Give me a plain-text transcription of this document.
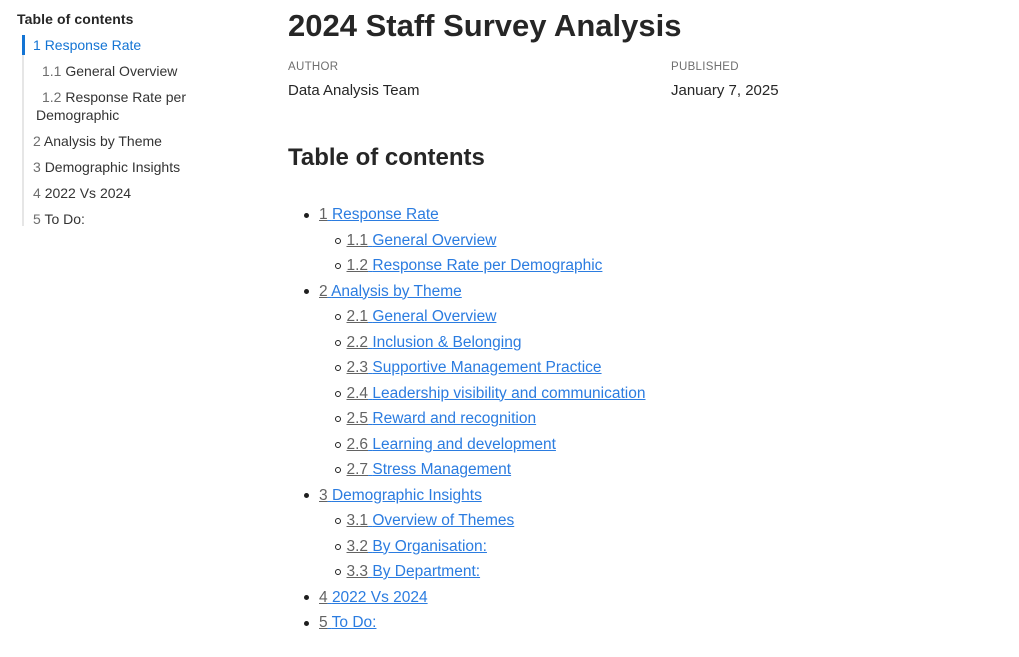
Table of contents
1 Response Rate
1.1 General Overview
1.2 Response Rate per Demographic
2 Analysis by Theme
3 Demographic Insights
4 2022 Vs 2024
5 To Do:
2024 Staff Survey Analysis
AUTHOR
Data Analysis Team
PUBLISHED
January 7, 2025
Table of contents
1 Response Rate
1.1 General Overview
1.2 Response Rate per Demographic
2 Analysis by Theme
2.1 General Overview
2.2 Inclusion & Belonging
2.3 Supportive Management Practice
2.4 Leadership visibility and communication
2.5 Reward and recognition
2.6 Learning and development
2.7 Stress Management
3 Demographic Insights
3.1 Overview of Themes
3.2 By Organisation:
3.3 By Department:
4 2022 Vs 2024
5 To Do:
